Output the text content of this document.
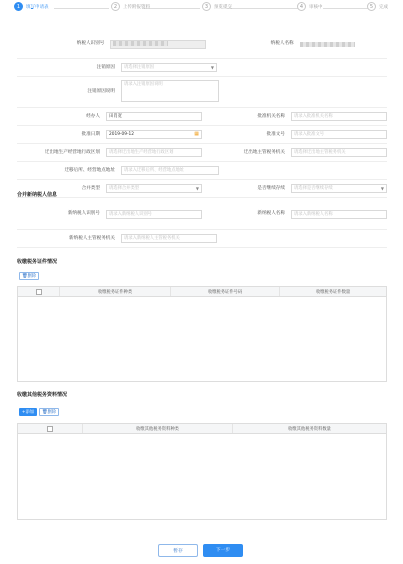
1	填写申请表	2	上传附报资料	3	预览提交	4	审核中	5	完成
纳税人识别号	纳税人名称
注销原因	请选择注销原因	▼
注销原因说明
请录入注销原因说明
经办人	田肖宽	批准机关名称	请录入批准机关名称
批准日期	2019-09-12	▦	批准文号	请录入批准文号
迁出地生产经营地行政区划	请选择迁出地生产经营地行政区划	迁出地主管税务机关	请选择迁出地主管税务机关
迁移后所、经营地点地址	请录入迁移后所、经营地点地址
合并类型	请选择合并类型	▼	是否继续存续	请选择是否继续存续	▼
合并新纳税人信息
新纳税人识别号	请录入新纳税人识别号	新纳税人名称	请录入新纳税人名称
新纳税人主管税务机关	请录入新纳税人主管税务机关
收缴税务证件情况
🗑删除
收缴税务证件种类	收缴税务证件号码	收缴税务证件数量
收缴其他税务资料情况
+添加	🗑删除
收缴其他税务资料种类	收缴其他税务资料数量
暂存	下一步
